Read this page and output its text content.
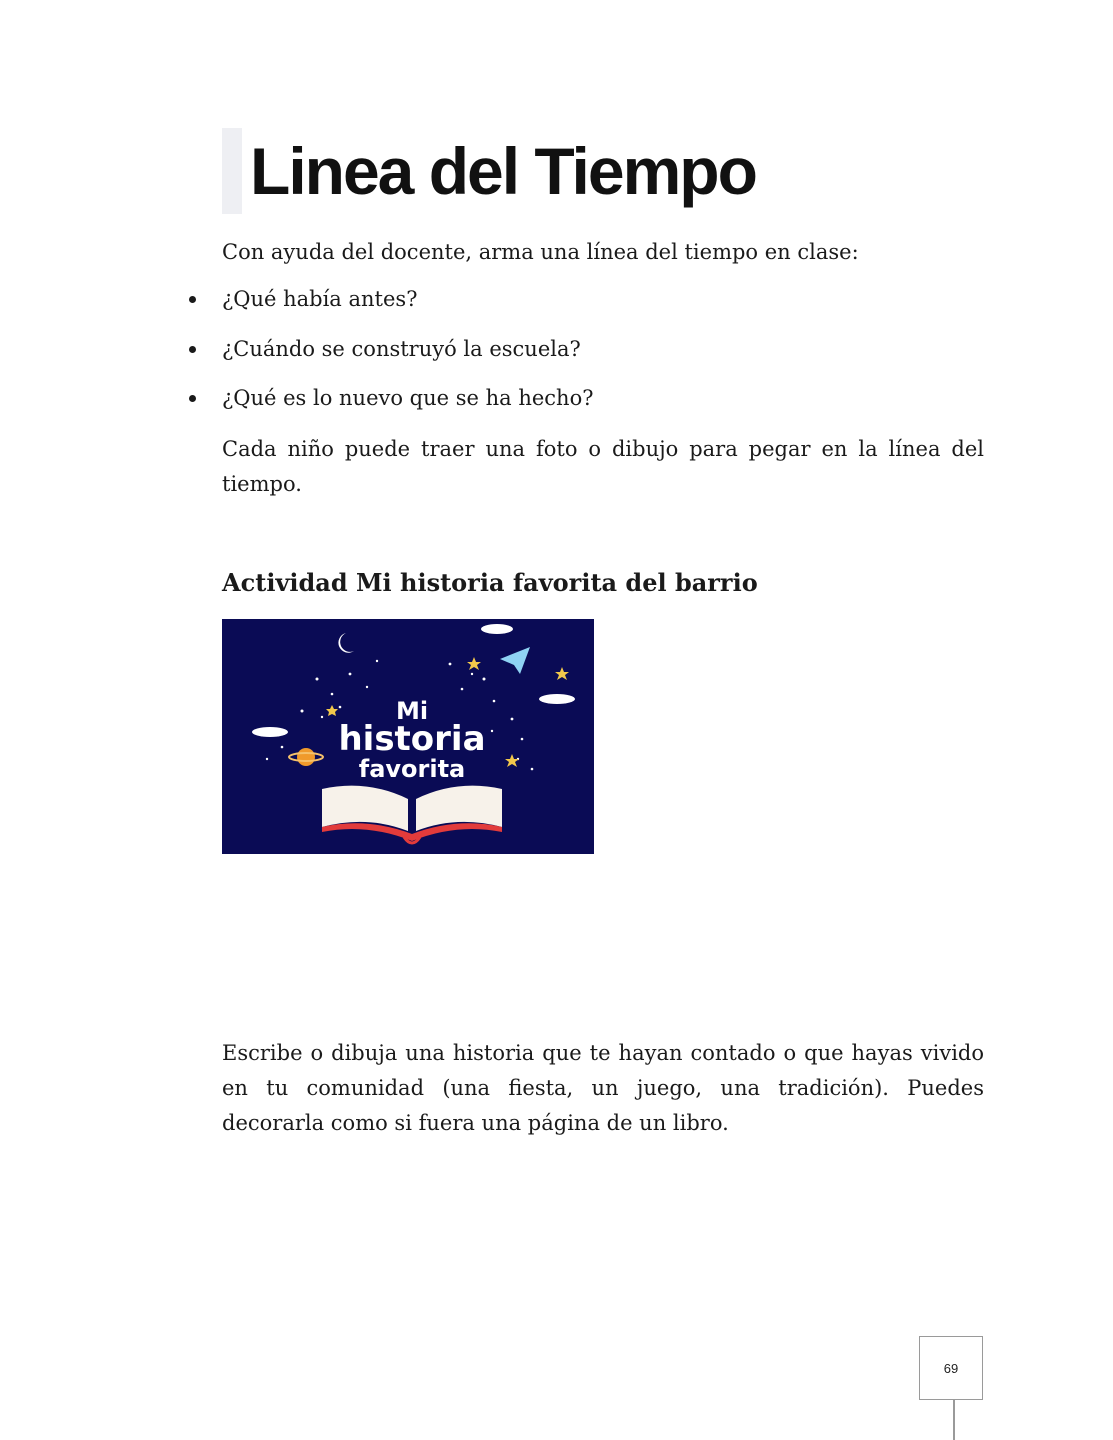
Linea del Tiempo
Con ayuda del docente, arma una línea del tiempo en clase:
¿Qué había antes?
¿Cuándo se construyó la escuela?
¿Qué es lo nuevo que se ha hecho?
Cada niño puede traer una foto o dibujo para pegar en la línea del tiempo.
Actividad Mi historia favorita del barrio
Mi
historia
favorita
Escribe o dibuja una historia que te hayan contado o que hayas vivido en tu comunidad (una fiesta, un juego, una tradición). Puedes decorarla como si fuera una página de un libro.
69
